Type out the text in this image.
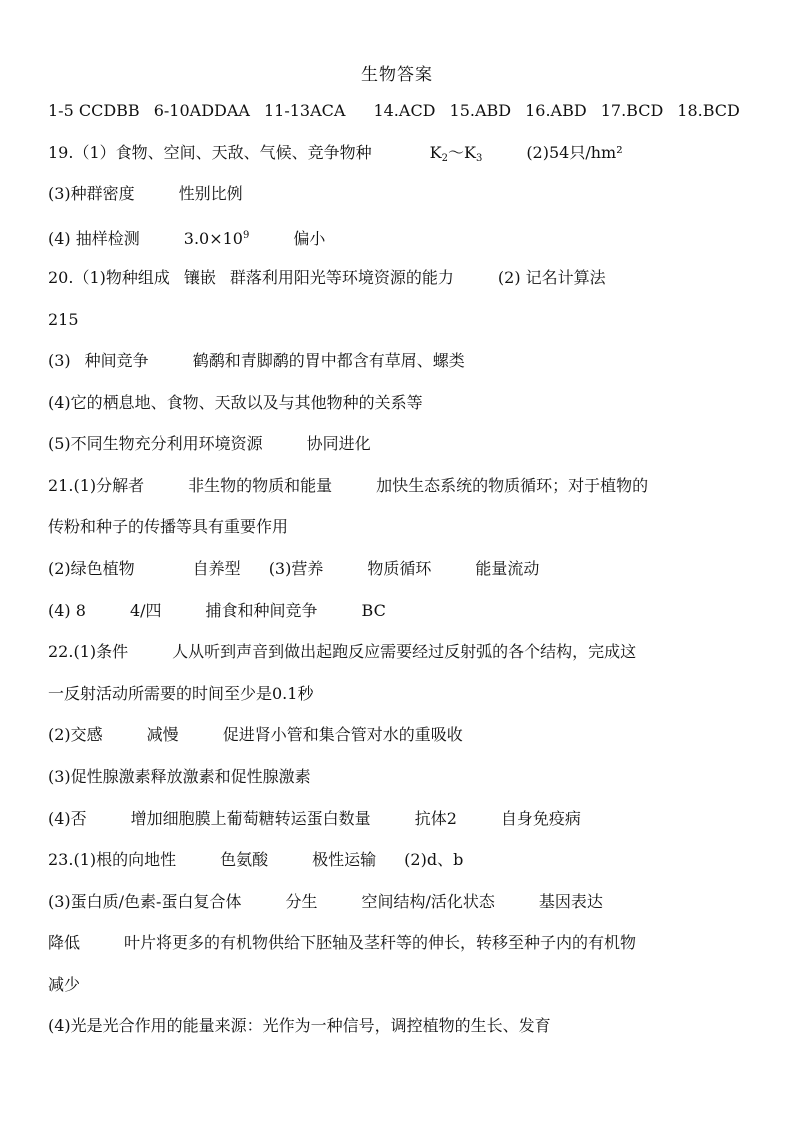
生物答案
1-5 CCDBB 6-10ADDAA 11-13ACA 14.ACD 15.ABD 16.ABD 17.BCD 18.BCD
19.（1）食物、空间、天敌、气候、竞争物种	$K_2\sim K_3$	(2)54只/hm²
(3)种群密度	性别比例
(4) 抽样检测	$3.0\times 10^9$	偏小
20.（1)物种组成 镶嵌 群落利用阳光等环境资源的能力	(2) 记名计算法
215
(3) 种间竞争	鹤鹬和青脚鹬的胃中都含有草屑、螺类
(4)它的栖息地、食物、天敌以及与其他物种的关系等
(5)不同生物充分利用环境资源	协同进化
21.(1)分解者	非生物的物质和能量	加快生态系统的物质循环；对于植物的
传粉和种子的传播等具有重要作用
(2)绿色植物	自养型 (3)营养	物质循环	能量流动
(4) 8	4/四	捕食和种间竞争	BC
22.(1)条件	人从听到声音到做出起跑反应需要经过反射弧的各个结构，完成这
一反射活动所需要的时间至少是0.1秒
(2)交感	减慢	促进肾小管和集合管对水的重吸收
(3)促性腺激素释放激素和促性腺激素
(4)否	增加细胞膜上葡萄糖转运蛋白数量	抗体2	自身免疫病
23.(1)根的向地性	色氨酸	极性运输 (2)d、b
(3)蛋白质/色素-蛋白复合体	分生	空间结构/活化状态	基因表达
降低	叶片将更多的有机物供给下胚轴及茎秆等的伸长，转移至种子内的有机物
减少
(4)光是光合作用的能量来源：光作为一种信号，调控植物的生长、发育
